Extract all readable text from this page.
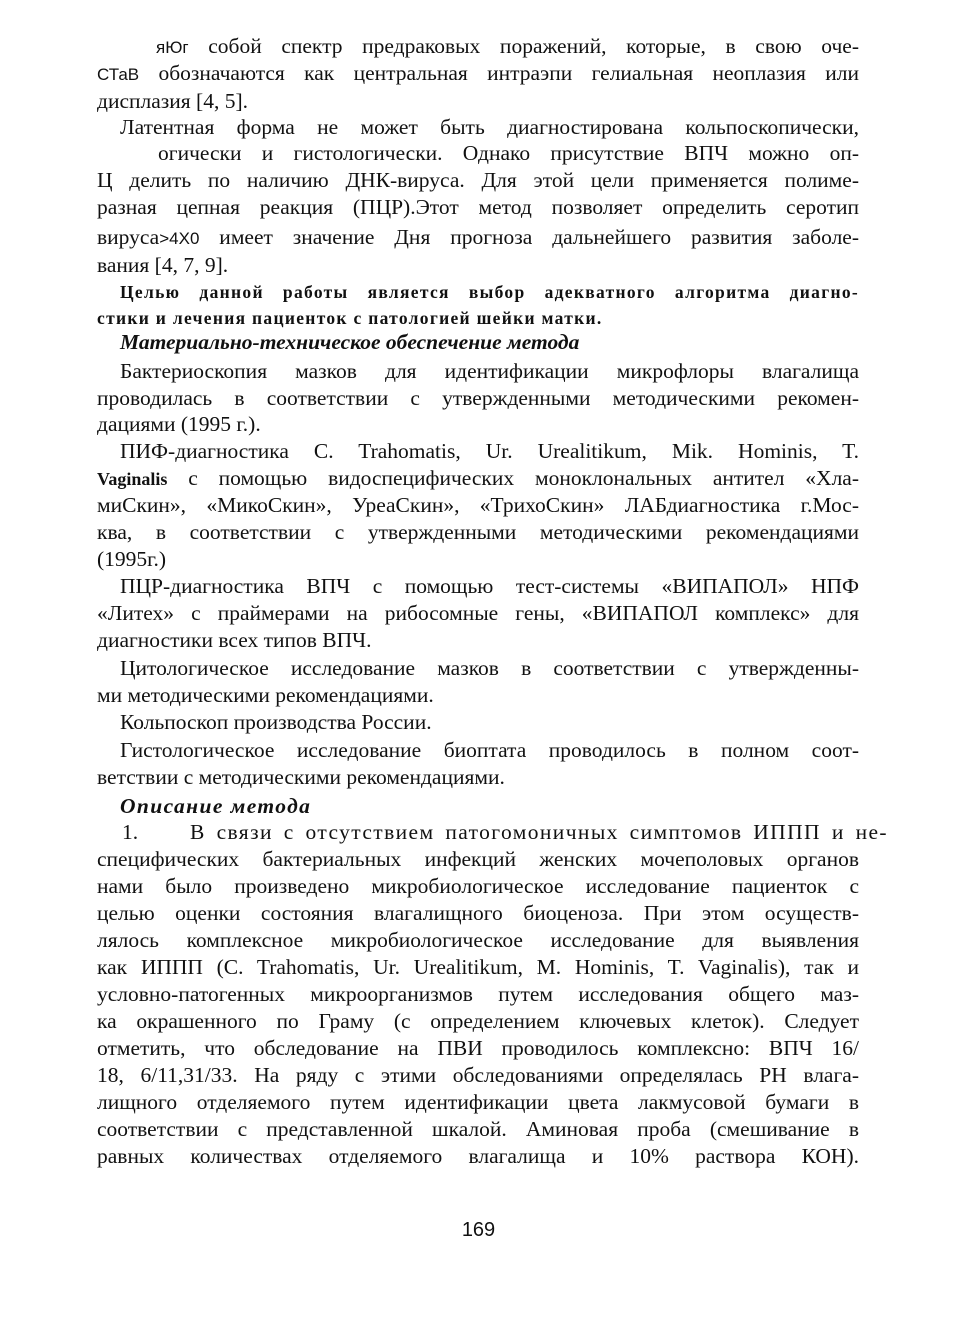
яЮг собой спектр предраковых поражений, которые, в свою оче-
СТаВ обозначаются как центральная интраэпи гелиальная неоплазия или
дисплазия [4, 5].
Латентная форма не может быть диагностирована кольпоскопически,
огически и гистологически. Однако присутствие ВПЧ можно оп-
Ц делить по наличию ДНК-вируса. Для этой цели применяется полиме-
разная цепная реакция (ПЦР).Этот метод позволяет определить серотип
вируса>4Х0 имеет значение Дня прогноза дальнейшего развития заболе-
вания [4, 7, 9].
Целью данной работы является выбор адекватного алгоритма диагно-
стики и лечения пациенток с патологией шейки матки.
Материально-техническое обеспечение метода
Бактериоскопия мазков для идентификации микрофлоры влагалища
проводилась в соответствии с утвержденными методическими рекомен-
дациями (1995 г.).
ПИФ-диагностика C. Trahomatis, Ur. Urealitikum, Mik. Hominis, T.
Vaginalis с помощью видоспецифических моноклональных антител «Хла-
миСкин», «МикоСкин», УреаСкин», «ТрихоСкин» ЛАБдиагностика г.Мос-
ква, в соответствии с утвержденными методическими рекомендациями
(1995г.)
ПЦР-диагностика ВПЧ с помощью тест-системы «ВИПАПОЛ» НПФ
«Литех» с праймерами на рибосомные гены, «ВИПАПОЛ комплекс» для
диагностики всех типов ВПЧ.
Цитологическое исследование мазков в соответствии с утвержденны-
ми методическими рекомендациями.
Кольпоскоп производства России.
Гистологическое исследование биоптата проводилось в полном соот-
ветствии с методическими рекомендациями.
Описание метода
1. В связи с отсутствием патогомоничных симптомов ИППП и не-
специфических бактериальных инфекций женских мочеполовых органов
нами было произведено микробиологическое исследование пациенток с
целью оценки состояния влагалищного биоценоза. При этом осуществ-
лялось комплексное микробиологическое исследование для выявления
как ИППП (C. Trahomatis, Ur. Urealitikum, M. Hominis, T. Vaginalis), так и
условно-патогенных микроорганизмов путем исследования общего маз-
ка окрашенного по Граму (с определением ключевых клеток). Следует
отметить, что обследование на ПВИ проводилось комплексно: ВПЧ 16/
18, 6/11,31/33. На ряду с этими обследованиями определялась PH влага-
лищного отделяемого путем идентификации цвета лакмусовой бумаги в
соответствии с представленной шкалой. Аминовая проба (смешивание в
равных количествах отделяемого влагалища и 10% раствора КОН).
169
